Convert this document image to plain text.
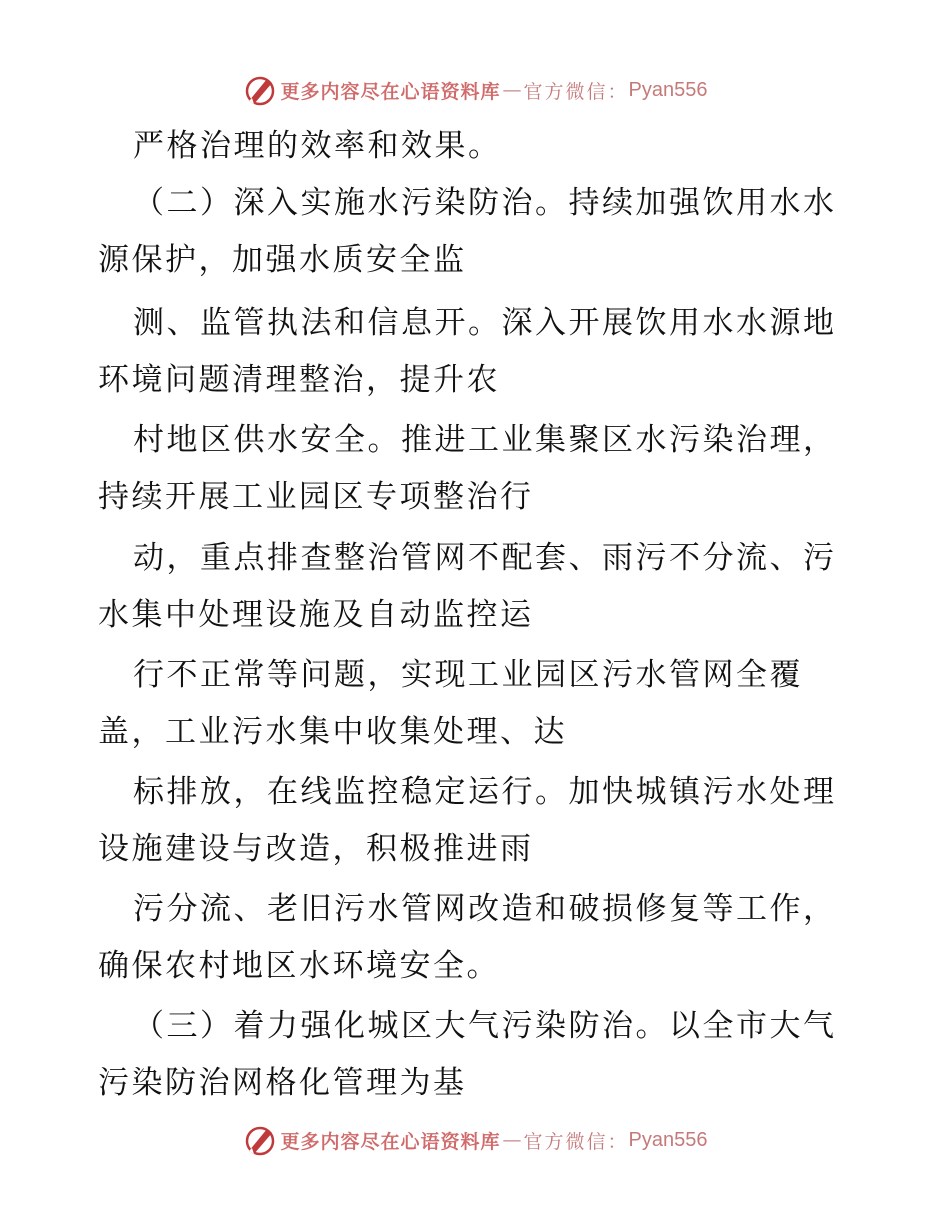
更多内容尽在心语资料库 — 官方微信： Pyan556
严格治理的效率和效果。
（二）深入实施水污染防治。持续加强饮用水水
源保护，加强水质安全监
测、监管执法和信息开。深入开展饮用水水源地
环境问题清理整治，提升农
村地区供水安全。推进工业集聚区水污染治理，
持续开展工业园区专项整治行
动，重点排查整治管网不配套、雨污不分流、污
水集中处理设施及自动监控运
行不正常等问题，实现工业园区污水管网全覆
盖，工业污水集中收集处理、达
标排放，在线监控稳定运行。加快城镇污水处理
设施建设与改造，积极推进雨
污分流、老旧污水管网改造和破损修复等工作，
确保农村地区水环境安全。
（三）着力强化城区大气污染防治。以全市大气
污染防治网格化管理为基
更多内容尽在心语资料库 — 官方微信： Pyan556
